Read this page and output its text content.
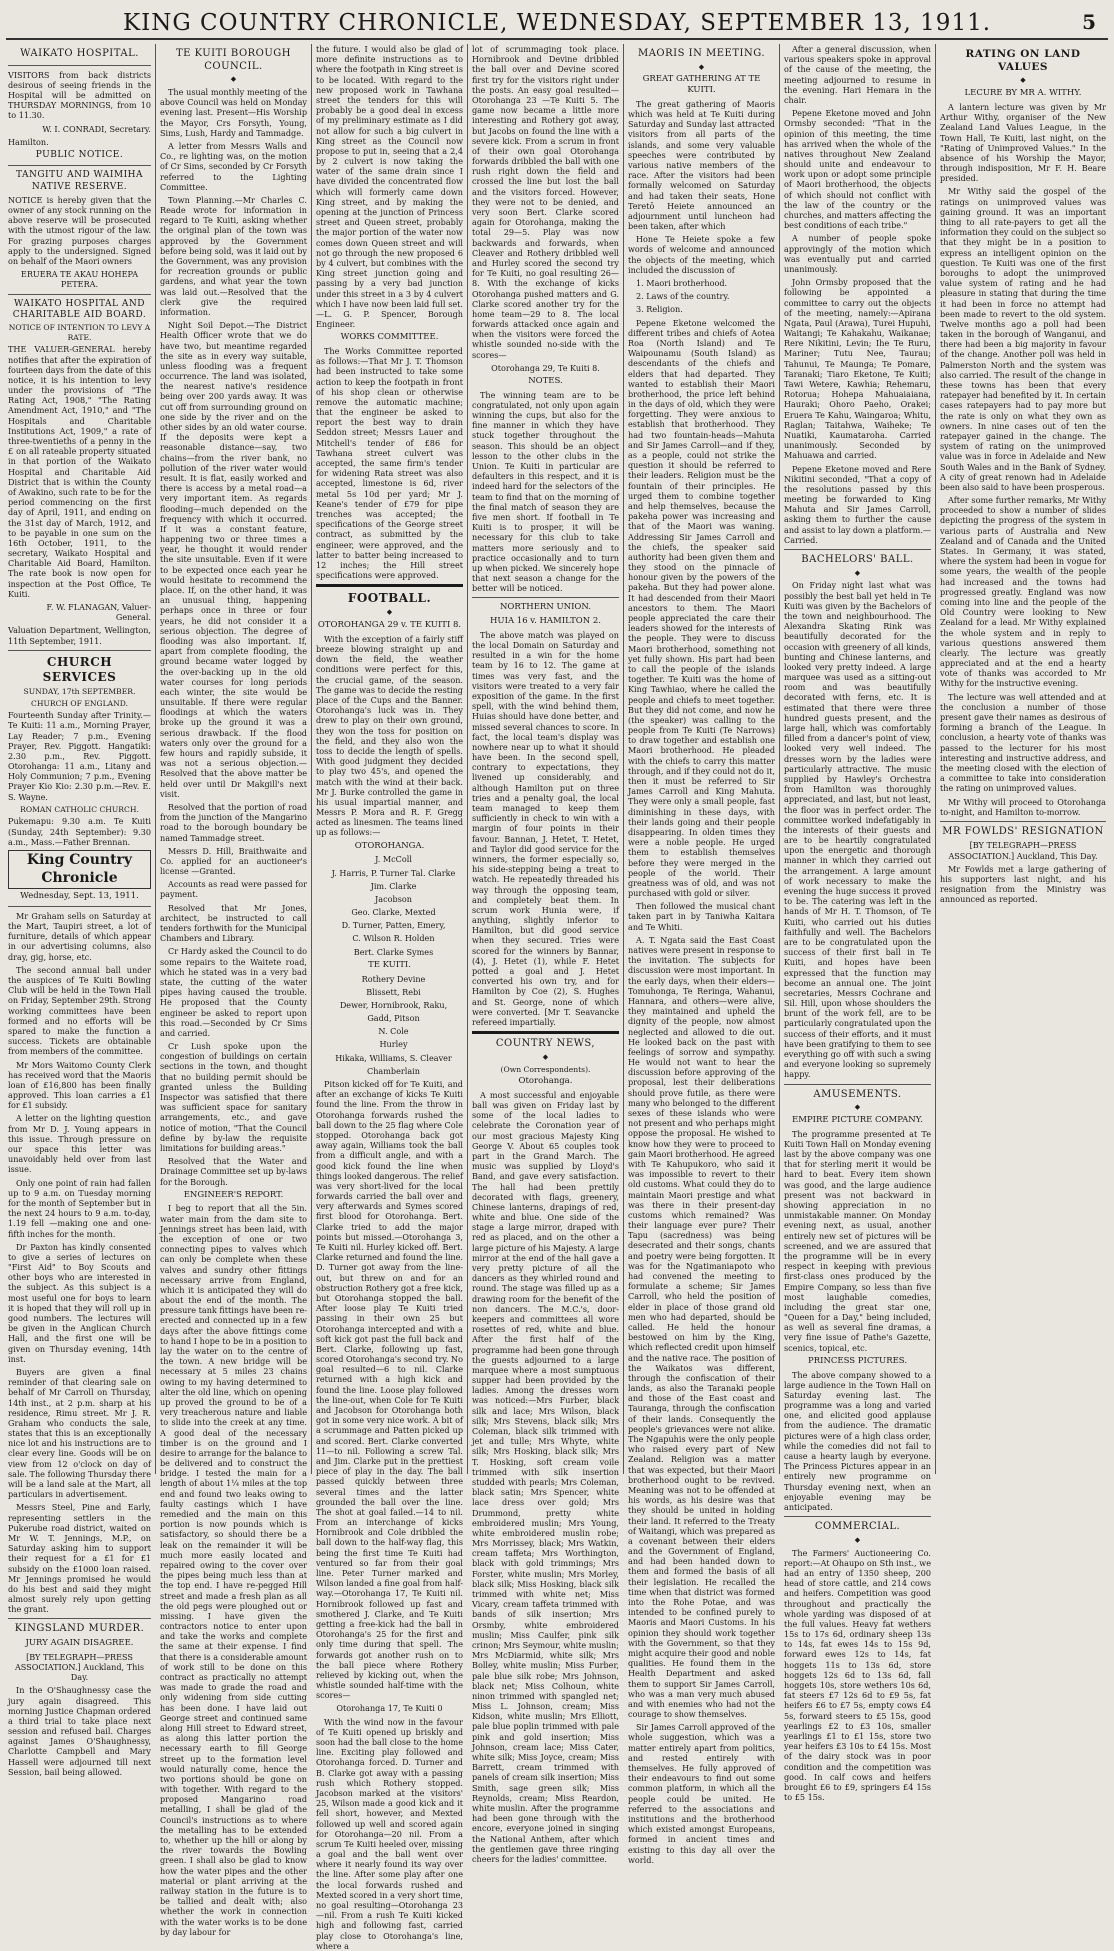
KING COUNTRY CHRONICLE, WEDNESDAY, SEPTEMBER 13, 1911.	5
WAIKATO HOSPITAL.

VISITORS from back districts desirous of seeing friends in the Hospital will be admitted on THURSDAY MORNINGS, from 10 to 11.30.

W. I. CONRADI, Secretary.

Hamilton.

PUBLIC NOTICE.
TANGITU AND WAIMIHA NATIVE RESERVE.

NOTICE is hereby given that the owner of any stock running on the above reserve will be prosecuted with the utmost rigour of the law. For grazing purposes charges apply to the undersigned. Signed on behalf of the Maori owners

ERUERA TE AKAU HOHEPA PETERA.

WAIKATO HOSPITAL AND CHARITABLE AID BOARD.
NOTICE OF INTENTION TO LEVY A RATE.

THE VALUER-GENERAL hereby notifies that after the expiration of fourteen days from the date of this notice, it is his intention to levy under the provisions of "The Rating Act, 1908," "The Rating Amendment Act, 1910," and "The Hospitals and Charitable Institutions Act, 1909," a rate of three-twentieths of a penny in the £ on all rateable property situated in that portion of the Waikato Hospital and Charitable Aid District that is within the County of Awakino, such rate to be for the period commencing on the first day of April, 1911, and ending on the 31st day of March, 1912, and to be payable in one sum on the 16th October, 1911, to the secretary, Waikato Hospital and Charitable Aid Board, Hamilton. The rate book is now open for inspection at the Post Office, Te Kuiti.

F. W. FLANAGAN, Valuer-General.

Valuation Department, Wellington, 11th September, 1911.

CHURCH SERVICES
SUNDAY, 17th SEPTEMBER.
CHURCH OF ENGLAND.

Fourteenth Sunday after Trinity.—Te Kuiti: 11 a.m., Morning Prayer, Lay Reader; 7 p.m., Evening Prayer, Rev. Piggott. Hangatiki: 2.30 p.m., Rev. Piggott. Otorohanga: 11 a.m., Litany and Holy Communion; 7 p.m., Evening Prayer Kio Kio: 2.30 p.m.—Rev. E. S. Wayne.

ROMAN CATHOLIC CHURCH.

Pukemapu: 9.30 a.m. Te Kuiti (Sunday, 24th September): 9.30 a.m., Mass.—Father Brennan.

King Country Chronicle
Wednesday, Sept. 13, 1911.

Mr Graham sells on Saturday at the Mart, Taupiri street, a lot of furniture, details of which appear in our advertising columns, also dray, gig, horse, etc.

The second annual ball under the auspices of Te Kuiti Bowling Club will be held in the Town Hall on Friday, September 29th. Strong working committees have been formed and no efforts will be spared to make the function a success. Tickets are obtainable from members of the committee.

Mr Mors Waitomo County Clerk has received word that the Maoris loan of £16,800 has been finally approved. This loan carries a £1 for £1 subsidy.

A letter on the lighting question from Mr D. J. Young appears in this issue. Through pressure on our space this letter was unavoidably held over from last issue.

Only one point of rain had fallen up to 9 a.m. on Tuesday morning for the month of September but in the next 24 hours to 9 a.m. to-day, 1.19 fell —making one and one-fifth inches for the month.

Dr Paxton has kindly consented to give a series of lectures on "First Aid" to Boy Scouts and other boys who are interested in the subject. As this subject is a most useful one for boys to learn it is hoped that they will roll up in good numbers. The lectures will be given in the Anglican Church Hall, and the first one will be given on Thursday evening, 14th inst.

Buyers are given a final reminder of that clearing sale on behalf of Mr Carroll on Thursday, 14th inst., at 2 p.m. sharp at his residence, Rimu street. Mr J. R. Graham who conducts the sale, states that this is an exceptionally nice lot and his instructions are to clear every line. Goods will be on view from 12 o'clock on day of sale. The following Thursday there will be a land sale at the Mart, all particulars in advertisement.

Messrs Steel, Pine and Early, representing settlers in the Pukerube road district, waited on Mr W. T. Jennings, M.P., on Saturday asking him to support their request for a £1 for £1 subsidy on the £1000 loan raised. Mr Jennings promised he would do his best and said they might almost surely rely upon getting the grant.

KINGSLAND MURDER.
JURY AGAIN DISAGREE.

[BY TELEGRAPH—PRESS ASSOCIATION.] Auckland, This Day.

In the O'Shaughnessy case the jury again disagreed. This morning Justice Chapman ordered a third trial to take place next session and refused bail. Charges against James O'Shaughnessy, Charlotte Campbell and Mary Hassell were adjourned till next Session, bail being allowed.

TE KUITI BOROUGH COUNCIL.
◆

The usual monthly meeting of the above Council was held on Monday evening last. Present—His Worship the Mayor, Crs Forsyth, Young, Sims, Lush, Hardy and Tammadge.

A letter from Messrs Walls and Co., re lighting was, on the motion of Cr Sims, seconded by Cr Forsyth referred to the Lighting Committee.

Town Planning.—Mr Charles C. Reade wrote for information in regard to Te Kuiti, asking whether the original plan of the town was approved by the Government before being sold, was it laid out by the Government, was any provision for recreation grounds or public gardens, and what year the town was laid out.—Resolved that the clerk give the required information.

Night Soil Depot.—The District Health Officer wrote that we do have two, but meantime regarded the site as in every way suitable, unless flooding was a frequent occurrence. The land was isolated, the nearest native's residence being over 200 yards away. It was cut off from surrounding ground on one side by the river and on the other sides by an old water course. If the deposits were kept a reasonable distance—say, two chains—from the river bank, no pollution of the river water would result. It is flat, easily worked and there is access by a metal road—a very important item. As regards flooding—much depended on the frequency with which it occurred. If it was a constant feature, happening two or three times a year, he thought it would render the site unsuitable. Even if it were to be expected once each year he would hesitate to recommend the place. If, on the other hand, it was an unusual thing, happening perhaps once in three or four years, he did not consider it a serious objection. The degree of flooding was also important. If, apart from complete flooding, the ground became water logged by the over-backing up in the old water courses for long periods each winter, the site would be unsuitable. If there were regular floodings at which the waters broke up the ground it was a serious drawback. If the flood waters only over the ground for a few hours and rapidly subside, it was not a serious objection.—Resolved that the above matter be held over until Dr Makgill's next visit.

Resolved that the portion of road from the junction of the Mangarino road to the borough boundary be named Tammadge street.

Messrs D. Hill, Braithwaite and Co. applied for an auctioneer's license —Granted.

Accounts as read were passed for payment.

Resolved that Mr Jones, architect, be instructed to call tenders forthwith for the Municipal Chambers and Library.

Cr Hardy asked the Council to do some repairs to the Waitete road, which he stated was in a very bad state, the cutting of the water pipes having caused the trouble. He proposed that the County engineer be asked to report upon this road.—Seconded by Cr Sims and carried.

Cr Lush spoke upon the congestion of buildings on certain sections in the town, and thought that no building permit should be granted unless the Building Inspector was satisfied that there was sufficient space for sanitary arrangements, etc., and gave notice of motion, "That the Council define by by-law the requisite limitations for building areas."

Resolved that the Water and Drainage Committee set up by-laws for the Borough.

ENGINEER'S REPORT.

I beg to report that all the 5in. water main from the dam site to Jennings street has been laid, with the exception of one or two connecting pipes to valves which can only be complete when these valves and sundry other fittings necessary arrive from England, which it is anticipated they will do about the end of the month. The pressure tank fittings have been re-erected and connected up in a few days after the above fittings come to hand I hope to be in a position to lay the water on to the centre of the town. A new bridge will be necessary at 5 miles 23 chains owing to my having determined to alter the old line, which on opening up proved the ground to be of a very treacherous nature and liable to slide into the creek at any time. A good deal of the necessary timber is on the ground and I desire to arrange for the balance to be delivered and to construct the bridge. I tested the main for a length of about 1¼ miles at the top end and found two leaks owing to faulty castings which I have remedied and the main on this portion is now pounds which is satisfactory, so should there be a leak on the remainder it will be much more easily located and repaired owing to the cover over the pipes being much less than at the top end. I have re-pegged Hill street and made a fresh plan as all the old pegs were ploughed out or missing. I have given the contractors notice to enter upon and take the works and complete the same at their expense. I find that there is a considerable amount of work still to be done on this contract as practically no attempt was made to grade the road and only widening from side cutting has been done. I have laid out George street and continued same along Hill street to Edward street, as along this latter portion the necessary earth to fill George street up to the formation level would naturally come, hence the two portions should be gone on with together. With regard to the proposed Mangarino road metalling, I shall be glad of the Council's instructions as to where the metalling has to be extended to, whether up the hill or along by the river towards the Bowling green. I shall also be glad to know how the water pipes and the other material or plant arriving at the railway station in the future is to be tallied and dealt with; also whether the work in connection with the water works is to be done by day labour for

the future. I would also be glad of more definite instructions as to where the footpath in King street is to be located. With regard to the new proposed work in Tawhana street the tenders for this will probably be a good deal in excess of my preliminary estimate as I did not allow for such a big culvert in King street as the Council now propose to put in, seeing that a 2,4 by 2 culvert is now taking the water of the same drain since I have divided the concentrated flow which will formerly came down King street, and by making the opening at the junction of Princess street and Queen street, probably the major portion of the water now comes down Queen street and will not go through the new proposed 6 by 4 culvert, but combines with the King street junction going and passing by a very bad junction under this street in a 3 by 4 culvert which I have now been laid full set.—L. G. P. Spencer, Borough Engineer.

WORKS COMMITTEE.

The Works Committee reported as follows:—That Mr J. T. Thomson had been instructed to take some action to keep the footpath in front of his shop clean or otherwise remove the automatic machine; that the engineer be asked to report the best way to drain Seddon street; Messrs Lauer and Mitchell's tender of £86 for Tawhana street culvert was accepted, the same firm's tender for widening Rata street was also accepted, limestone is 6d, river metal 5s 10d per yard; Mr J. Keane's tender of £79 for pipe trenches was accepted; the specifications of the George street contract, as submitted by the engineer, were approved, and the latter to batter being increased to 12 inches; the Hill street specifications were approved.

FOOTBALL.
◆
OTOROHANGA 29 v. TE KUITI 8.

With the exception of a fairly stiff breeze blowing straight up and down the field, the weather conditions were perfect for this, the crucial game, of the season. The game was to decide the resting place of the Cups and the Banner. Otorohanga's luck was in. They drew to play on their own ground, they won the toss for position on the field, and they also won the toss to decide the length of spells. With good judgment they decided to play two 45's, and opened the match with the wind at their back. Mr J. Burke controlled the game in his usual impartial manner, and Messrs P. Mora and R. F. Gregg acted as linesmen. The teams lined up as follows:—

OTOROHANGA.

J. McColl

J. Harris, P. Turner Tal. Clarke

Jim. Clarke

Jacobson

Geo. Clarke, Mexted

D. Turner, Patten, Emery,

C. Wilson R. Holden

Bert. Clarke Symes

TE KUITI.

Rothery Devine

Blissett, Rebi

Dewer, Hornibrook, Raku,

Gadd, Pitson

N. Cole

Hurley

Hikaka, Williams, S. Cleaver

Chamberlain

Pitson kicked off for Te Kuiti, and after an exchange of kicks Te Kuiti found the line. From the throw in Otorohanga forwards rushed the ball down to the 25 flag where Cole stopped. Otorohanga back got away again, Williams took the ball from a difficult angle, and with a good kick found the line when things looked dangerous. The relief was very short-lived for the local forwards carried the ball over and very afterwards and Symes scored first blood for Otorohanga. Bert. Clarke tried to add the major points but missed.—Otorohanga 3, Te Kuiti nil. Hurley kicked off. Bert. Clarke returned and found the line. D. Turner got away from the line-out, but threw on and for an obstruction Rothery got a free kick, but Otorohanga stopped the ball. After loose play Te Kuiti tried passing in their own 25 but Otorohanga intercepted and with a soft kick got past the full back and Bert. Clarke, following up fast, scored Otorohanga's second try. No goal resulted—6 to nil. Clarke returned with a high kick and found the line. Loose play followed the line-out, when Cole for Te Kuiti and Jacobson for Otorohanga both got in some very nice work. A bit of a scrummage and Patten picked up and scored. Bert. Clarke converted 11—to nil. Following a screw Tal. and Jim. Clarke put in the prettiest piece of play in the day. The ball passed quickly between three several times and the latter grounded the ball over the line. The shot at goal failed.—14 to nil. From an interchange of kicks Hornibrook and Cole dribbled the ball down to the half-way flag, this being the first time Te Kuiti had ventured so far from their goal line. Peter Turner marked and Wilson landed a fine goal from half-way.—Otorohanga 17, Te Kuiti nil. Hornibrook followed up fast and smothered J. Clarke, and Te Kuiti getting a free-kick had the ball in Otorohanga's 25 for the first and only time during that spell. The forwards got another rush on to the ball piece where Rothery relieved by kicking out, when the whistle sounded half-time with the scores—

Otorohanga 17, Te Kuiti 0

With the wind now in the favour of Te Kuiti opened up briskly and soon had the ball close to the home line. Exciting play followed and Otorohanga forced. D. Turner and B. Clarke got away with a passing rush which Rothery stopped. Jacobson marked at the visitors' 25, Wilson made a good kick and it fell short, however, and Mexted followed up well and scored again for Otorohanga—20 nil. From a scrum Te Kuiti heeled over, missing a goal and the ball went over where it nearly found its way over the line. After some play after one the local forwards rushed and Mexted scored in a very short time, no goal resulting—Otorohanga 23—nil. From a rush Te Kuiti kicked high and following fast, carried play close to Otorohanga's line, where a

lot of scrummaging took place. Hornibrook and Devine dribbled the ball over and Devine scored first try for the visitors right under the posts. An easy goal resulted—Otorohanga 23 —Te Kuiti 5. The game now became a little more interesting and Rothery got away, but Jacobs on found the line with a severe kick. From a scrum in front of their own goal Otorohanga forwards dribbled the ball with one rush right down the field and crossed the line but lost the ball and the visitors forced. However, they were not to be denied, and very soon Bert. Clarke scored again for Otorohanga, making the total 29—5. Play was now backwards and forwards, when Cleaver and Rothery dribbled well and Hurley scored the second try for Te Kuiti, no goal resulting 26—8. With the exchange of kicks Otorohanga pushed matters and G. Clarke scored another try for the home team—29 to 8. The local forwards attacked once again and when the visitors were forced the whistle sounded no-side with the scores—

Otorohanga 29, Te Kuiti 8.

NOTES.

The winning team are to be congratulated, not only upon again winning the cups, but also for the fine manner in which they have stuck together throughout the season. This should be an object lesson to the other clubs in the Union. Te Kuiti in particular are defaulters in this respect, and it is indeed hard for the selectors of the team to find that on the morning of the final match of season they are five men short. If football in Te Kuiti is to prosper, it will be necessary for this club to take matters more seriously and to practice occasionally and to turn up when picked. We sincerely hope that next season a change for the better will be noticed.

NORTHERN UNION.
HUIA 16 v. HAMILTON 2.

The above match was played on the local Domain on Saturday and resulted in a win for the home team by 16 to 12. The game at times was very fast, and the visitors were treated to a very fair exposition of the game. In the first spell, with the wind behind them, Huias should have done better, and missed several chances to score. In fact, the local team's display was nowhere near up to what it should have been. In the second spell, contrary to expectations, they livened up considerably, and although Hamilton put on three tries and a penalty goal, the local team managed to keep them sufficiently in check to win with a margin of four points in their favour. Bannan, J. Hetet, T. Hetet, and Taylor did good service for the winners, the former especially so, his side-stepping being a treat to watch. He repeatedly threaded his way through the opposing team, and completely beat them. In scrum work Hunia were, if anything, slightly inferior to Hamilton, but did good service when they secured. Tries were scored for the winners by Bannar, (4), J. Hetet (1), while F. Hetet potted a goal and J. Hetet converted his own try, and for Hamilton by Coe (2), S. Hughes and St. George, none of which were converted. [Mr T. Seavancke refereed impartially.

COUNTRY NEWS,
◆
(Own Correspondents).
Otorohanga.

A most successful and enjoyable ball was given on Friday last by some of the local ladies to celebrate the Coronation year of our most gracious Majesty King George V. About 65 couples took part in the Grand March. The music was supplied by Lloyd's Band, and gave every satisfaction. The hall had been prettily decorated with flags, greenery, Chinese lanterns, drapings of red, white and blue. One side of the stage a large mirror, draped with red as placed, and on the other a large picture of his Majesty. A large mirror at the end of the hall gave a very pretty picture of all the dancers as they whirled round and round. The stage was filled up as a drawing room for the benefit of the non dancers. The M.C.'s, door-keepers and committees all wore rosettes of red, white and blue. After the first half of the programme had been gone through the guests adjourned to a large marquee where a most sumptuous supper had been provided by the ladies. Among the dresses worn was noticed:—Mrs Furber, black silk and lace; Mrs Wilson, black silk; Mrs Stevens, black silk; Mrs Coleman, black silk trimmed with jet and tulle; Mrs Whyte, white silk; Mrs Hosking, black silk; Mrs T. Hosking, soft cream voile trimmed with silk insertion studded with pearls; Mrs Coleman, black satin; Mrs Spencer, white lace dress over gold; Mrs Drummond, pretty white embroidered muslin; Mrs Young, white embroidered muslin robe; Mrs Morrissey, black; Mrs Watkin, cream taffeta; Mrs Worthington, black with gold trimmings; Mrs Forster, white muslin; Mrs Morley, black silk; Miss Hosking, black silk trimmed with white net; Miss Vicary, cream taffeta trimmed with bands of silk insertion; Mrs Orsmby, white embroidered muslin; Miss Caulfer, pink silk crinon; Mrs Seymour, white muslin; Mrs McDiarmid, white silk; Mrs Bolley, white muslin; Miss Furber, pale blue silk robe; Mrs Johnson, black net; Miss Colhoun, white ninon trimmed with spangled net; Miss L. Johnson, cream; Miss Kidson, white muslin; Mrs Elliott, pale blue poplin trimmed with pale pink and gold insertion; Miss Johnson, cream lace; Miss Cater, white silk; Miss Joyce, cream; Miss Barrett, cream trimmed with panels of cream silk insertion; Miss Smith, sage green silk; Miss Reynolds, cream; Miss Reardon, white muslin. After the programme had been gone through with the encore, everyone joined in singing the National Anthem, after which the gentlemen gave three ringing cheers for the ladies' committee.

MAORIS IN MEETING.
◆
GREAT GATHERING AT TE KUITI.

The great gathering of Maoris which was held at Te Kuiti during Saturday and Sunday last attracted visitors from all parts of the islands, and some very valuable speeches were contributed by various native members of the race. After the visitors had been formally welcomed on Saturday and had taken their seats, Hone Teretō Heiete announced an adjournment until luncheon had been taken, after which

Hone Te Heiete spoke a few words of welcome and announced the objects of the meeting, which included the discussion of

1. Maori brotherhood.

2. Laws of the country.

3. Religion.

Pepene Eketone welcomed the different tribes and chiefs of Aotea Roa (North Island) and Te Waipounamu (South Island) as descendants of the chiefs and elders that had departed. They wanted to establish their Maori brotherhood, the price left behind in the days of old, which they were forgetting. They were anxious to establish that brotherhood. They had two fountain-heads—Mahuta and Sir James Carroll—and if they, as a people, could not strike the question it should be referred to their leaders. Religion must be the fountain of their principles. He urged them to combine together and help themselves, because the pakeha power was increasing and that of the Maori was waning. Addressing Sir James Carroll and the chiefs, the speaker said authority had been given them and they stood on the pinnacle of honour given by the powers of the pakeha. But they had power alone. It had descended from their Maori ancestors to them. The Maori people appreciated the care their leaders showed for the interests of the people. They were to discuss Maori brotherhood, something not yet fully shown. His part had been to call the people of the islands together. Te Kuiti was the home of King Tawhiao, where he called the people and chiefs to meet together. But they did not come, and now he (the speaker) was calling to the people from Te Kuiti (Te Narrows) to draw together and establish one Maori brotherhood. He pleaded with the chiefs to carry this matter through, and if they could not do it, then it must be referred to Sir James Carroll and King Mahuta. They were only a small people, fast diminishing in these days, with their lands going and their people disappearing. In olden times they were a noble people. He urged them to establish themselves before they were merged in the people of the world. Their greatness was of old, and was not purchased with gold or silver.

Then followed the musical chant taken part in by Taniwha Kaitara and Te Whiti.

A. T. Ngata said the East Coast natives were present in response to the invitation. The subjects for discussion were most important. In the early days, when their elders—Tomuhonga, Te Reringa, Wahanui, Hannara, and others—were alive, they maintained and upheld the dignity of the people, now almost neglected and allowed to die out. He looked back on the past with feelings of sorrow and sympathy. He would not want to hear the discussion before approving of the proposal, lest their deliberations should prove futile, as there were many who belonged to the different sexes of these islands who were not present and who perhaps might oppose the proposal. He wished to know how they were to proceed to gain Maori brotherhood. He agreed with Te Kahupukoro, who said it was impossible to revert to their old customs. What could they do to maintain Maori prestige and what was there in their present-day customs which remained? Was their language ever pure? Their Tapu (sacredness) was being desecrated and their songs, chants and poetry were being forgotten. It was for the Ngatimaniapoto who had convened the meeting to formulate a scheme; Sir James Carroll, who held the position of elder in place of those grand old men who had departed, should be called. He held the honour bestowed on him by the King, which reflected credit upon himself and the native race. The position of the Waikatos was different, through the confiscation of their lands, as also the Taranaki people and those of the East coast and Tauranga, through the confiscation of their lands. Consequently the people's grievances were not alike. The Ngapuhis were the only people who raised every part of New Zealand. Religion was a matter that was expected, but their Maori brotherhood ought to be revived. Meaning was not to be offended at his words, as his desire was that they should be united in holding their land. It referred to the Treaty of Waitangi, which was prepared as a covenant between their elders and the Government of England, and had been handed down to them and formed the basis of all their legislation. He recalled the time when that district was formed into the Rohe Potae, and was intended to be confined purely to Maoris and Maori Customs. In his opinion they should work together with the Government, so that they might acquire their good and noble qualities. He found them in the Health Department and asked them to support Sir James Carroll, who was a man very much abused and with enemies who had not the courage to show themselves.

Sir James Carroll approved of the whole suggestion, which was a matter entirely apart from politics, and rested entirely with themselves. He fully approved of their endeavours to find out some common platform, in which all the people could be united. He referred to the associations and institutions and the brotherhood which existed amongst Europeans, formed in ancient times and existing to this day all over the world.

After a general discussion, when various speakers spoke in approval of the cause of the meeting, the meeting adjourned to resume in the evening. Hari Hemara in the chair.

Pepene Eketone moved and John Ormsby seconded: "That in the opinion of this meeting, the time has arrived when the whole of the natives throughout New Zealand should unite and endeavour to work upon or adopt some principle of Maori brotherhood, the objects of which should not conflict with the law of the country or the churches, and matters affecting the best conditions of each tribe."

A number of people spoke approvingly of the motion which was eventually put and carried unanimously.

John Ormsby proposed that the following be appointed a committee to carry out the objects of the meeting, namely:—Apirana Ngata, Paul (Arawa), Turei Hupuhi, Waitangi; Te Kahakahu, Waikanae; Rere Nikitini, Levin; Ihe Te Ruru, Mariner; Tutu Nee, Taurau; Tahunui, Te Maunga; Te Pomare, Taranaki; Tiaro Eketone, Te Kuiti; Tawi Wetere, Kawhia; Rehemaru, Rotorua; Hohepa Mahuaiaiana, Hauraki; Ohoro Paeho, Orakei; Eruera Te Kahu, Waingaroa; Whitu, Raglan; Taitahwa, Waiheke; Te Nuatiki, Kaumataroha. Carried unanimously. Seconded by Mahuawa and carried.

Pepene Eketone moved and Rere Nikitini seconded, "That a copy of the resolutions passed by this meeting be forwarded to King Mahuta and Sir James Carroll, asking them to further the cause and assist to lay down a platform.—Carried.

BACHELORS' BALL.
◆

On Friday night last what was possibly the best ball yet held in Te Kuiti was given by the Bachelors of the town and neighbourhood. The Alexandra Skating Rink was beautifully decorated for the occasion with greenery of all kinds, bunting and Chinese lanterns, and looked very pretty indeed. A large marquee was used as a sitting-out room and was beautifully decorated with ferns, etc. It is estimated that there were three hundred guests present, and the large hall, which was comfortably filled from a dancer's point of view, looked very well indeed. The dresses worn by the ladies were particularly attractive. The music supplied by Hawley's Orchestra from Hamilton was thoroughly appreciated, and last, but not least, the floor was in perfect order. The committee worked indefatigably in the interests of their guests and are to be heartily congratulated upon the energetic and thorough manner in which they carried out the arrangement. A large amount of work necessary to make the evening the huge success it proved to be. The catering was left in the hands of Mr H. T. Thomson, of Te Kuiti, who carried out his duties faithfully and well. The Bachelors are to be congratulated upon the success of their first ball in Te Kuiti, and hopes have been expressed that the function may become an annual one. The joint secretaries, Messrs Cochrane and Sil. Hill, upon whose shoulders the brunt of the work fell, are to be particularly congratulated upon the success of their efforts, and it must have been gratifying to them to see everything go off with such a swing and everyone looking so supremely happy.

AMUSEMENTS.
◆
EMPIRE PICTURE COMPANY.

The programme presented at Te Kuiti Town Hall on Monday evening last by the above company was one that for sterling merit it would be hard to beat. Every item shown was good, and the large audience present was not backward in showing appreciation in no unmistakable manner. On Monday evening next, as usual, another entirely new set of pictures will be screened, and we are assured that the programme will be in every respect in keeping with previous first-class ones produced by the Empire Company, so less than five most laughable comedies, including the great star one, "Queen for a Day," being included, as well as several fine dramas, a very fine issue of Pathe's Gazette, scenics, topical, etc.

PRINCESS PICTURES.

The above company showed to a large audience in the Town Hall on Saturday evening last. The programme was a long and varied one, and elicited good applause from the audience. The dramatic pictures were of a high class order, while the comedies did not fail to cause a hearty laugh by everyone. The Princess Pictures appear in an entirely new programme on Thursday evening next, when an enjoyable evening may be anticipated.

COMMERCIAL.
◆

The Farmers' Auctioneering Co. report:—At Ohaupo on Sth inst., we had an entry of 1350 sheep, 200 head of store cattle, and 214 cows and heifers. Competition was good throughout and practically the whole yarding was disposed of at the full values. Heavy fat wethers 15s to 17s 6d, ordinary sheep 13s to 14s, fat ewes 14s to 15s 9d, forward ewes 12s to 14s, fat hoggets 11s to 13s 6d, store hoggets 12s 6d to 13s 6d, fall hoggets 10s, store wethers 10s 6d, fat steers £7 12s 6d to £9 5s, fat heifers £6 to £7 5s, empty cows £4 5s, forward steers to £5 15s, good yearlings £2 to £3 10s, smaller yearlings £1 to £1 15s, store two year heifers £3 10s to £4 15s. Most of the dairy stock was in poor condition and the competition was good. In calf cows and heifers brought £6 to £9, springers £4 15s to £5 15s.

RATING ON LAND VALUES
◆
LECURE BY MR A. WITHY.

A lantern lecture was given by Mr Arthur Withy, organiser of the New Zealand Land Values League, in the Town Hall, Te Kuiti, last night, on the "Rating of Unimproved Values." In the absence of his Worship the Mayor, through indisposition, Mr F. H. Beare presided.

Mr Withy said the gospel of the ratings on unimproved values was gaining ground. It was an important thing to all rate-payers to get all the information they could on the subject so that they might be in a position to express an intelligent opinion on the question. Te Kuiti was one of the first boroughs to adopt the unimproved value system of rating and he had pleasure in stating that during the time it had been in force no attempt had been made to revert to the old system. Twelve months ago a poll had been taken in the borough of Wanganui, and there had been a big majority in favour of the change. Another poll was held in Palmerston North and the system was also carried. The result of the change in these towns has been that every ratepayer had benefited by it. In certain cases ratepayers had to pay more but the rate is only on what they own as owners. In nine cases out of ten the ratepayer gained in the change. The system of rating on the unimproved value was in force in Adelaide and New South Wales and in the Bank of Sydney. A city of great renown had in Adelaide been also said to have been prosperous.

After some further remarks, Mr Withy proceeded to show a number of slides depicting the progress of the system in various parts of Australia and New Zealand and of Canada and the United States. In Germany, it was stated, where the system had been in vogue for some years, the wealth of the people had increased and the towns had progressed greatly. England was now coming into line and the people of the Old Country were looking to New Zealand for a lead. Mr Withy explained the whole system and in reply to various questions answered them clearly. The lecture was greatly appreciated and at the end a hearty vote of thanks was accorded to Mr Withy for the instructive evening.

The lecture was well attended and at the conclusion a number of those present gave their names as desirous of forming a branch of the League. In conclusion, a hearty vote of thanks was passed to the lecturer for his most interesting and instructive address, and the meeting closed with the election of a committee to take into consideration the rating on unimproved values.

Mr Withy will proceed to Otorohanga to-night, and Hamilton to-morrow.

MR FOWLDS' RESIGNATION

[BY TELEGRAPH—PRESS ASSOCIATION.] Auckland, This Day.

Mr Fowlds met a large gathering of his supporters last night, and his resignation from the Ministry was announced as reported.
